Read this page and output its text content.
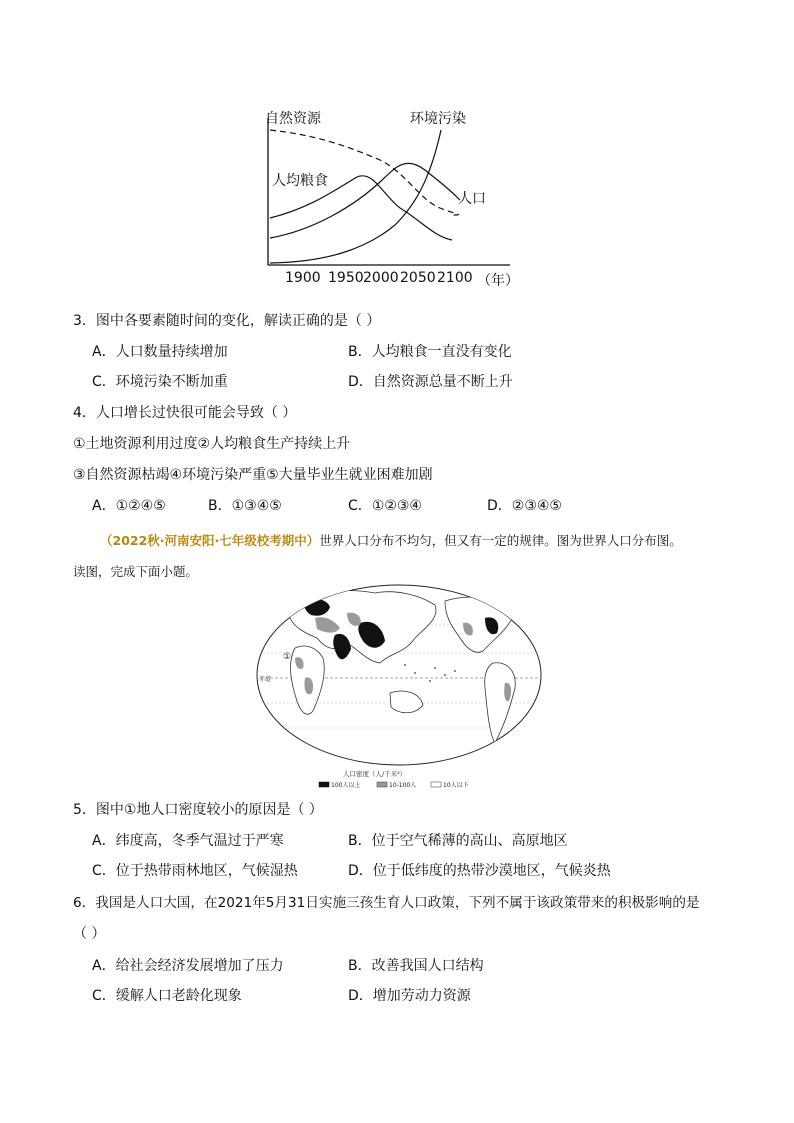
自然资源	环境污染
人均粮食
人口
1900 1950 2000 2050 2100 （年）
3．图中各要素随时间的变化，解读正确的是（ ）
A．人口数量持续增加	B．人均粮食一直没有变化
C．环境污染不断加重	D．自然资源总量不断上升
4．人口增长过快很可能会导致（ ）
①土地资源利用过度②人均粮食生产持续上升
③自然资源枯竭④环境污染严重⑤大量毕业生就业困难加剧
A．①②④⑤	B．①③④⑤	C．①②③④	D．②③④⑤
（2022秋·河南安阳·七年级校考期中）世界人口分布不均匀，但又有一定的规律。图为世界人口分布图。
读图，完成下面小题。
①
赤道
人口密度（人/千米²）
100人以上	10-100人	10人以下
5．图中①地人口密度较小的原因是（ ）
A．纬度高，冬季气温过于严寒	B．位于空气稀薄的高山、高原地区
C．位于热带雨林地区，气候湿热	D．位于低纬度的热带沙漠地区，气候炎热
6．我国是人口大国，在2021年5月31日实施三孩生育人口政策，下列不属于该政策带来的积极影响的是
（ ）
A．给社会经济发展增加了压力	B．改善我国人口结构
C．缓解人口老龄化现象	D．增加劳动力资源
